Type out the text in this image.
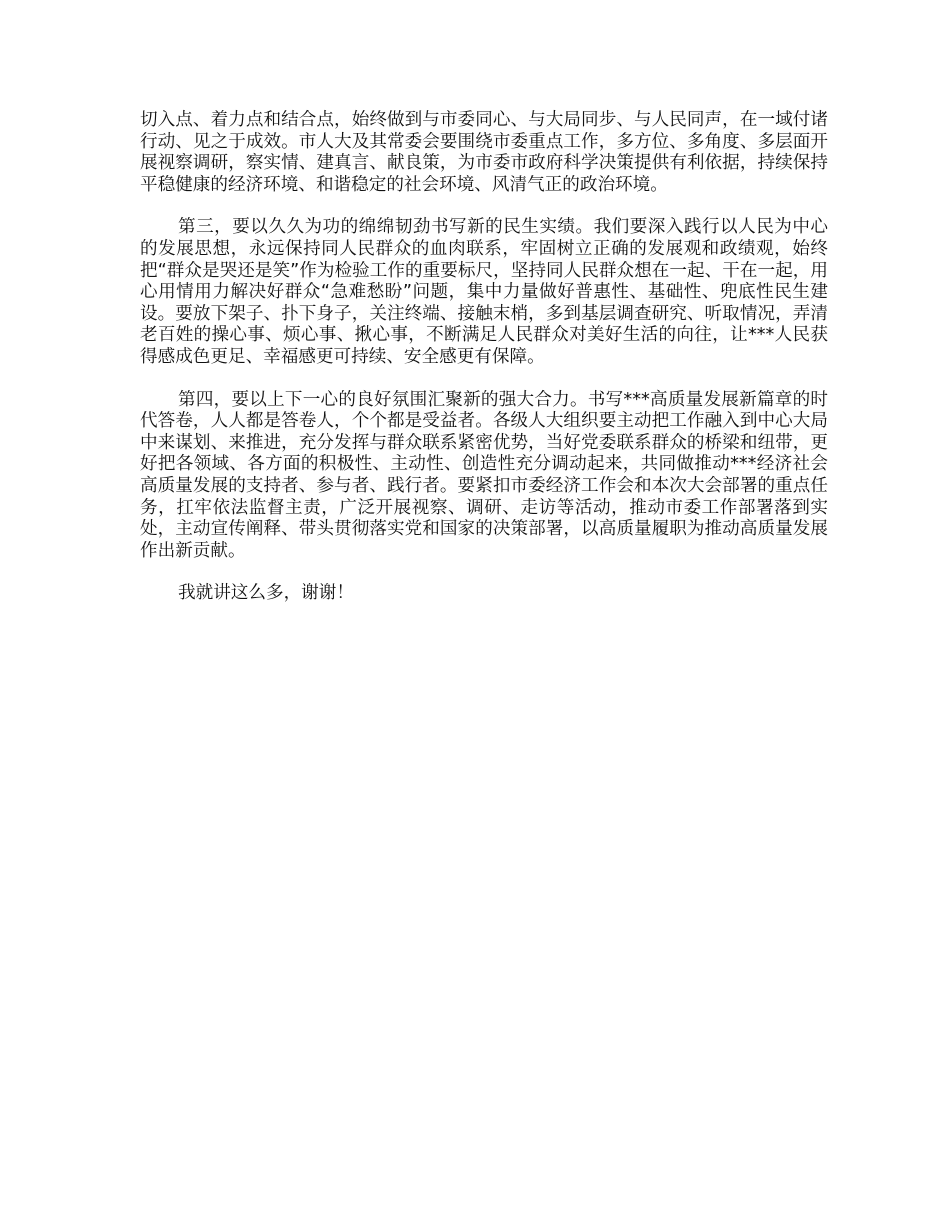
切入点、着力点和结合点，始终做到与市委同心、与大局同步、与人民同声，在一域付诸行动、见之于成效。市人大及其常委会要围绕市委重点工作，多方位、多角度、多层面开展视察调研，察实情、建真言、献良策，为市委市政府科学决策提供有利依据，持续保持平稳健康的经济环境、和谐稳定的社会环境、风清气正的政治环境。

第三，要以久久为功的绵绵韧劲书写新的民生实绩。我们要深入践行以人民为中心的发展思想，永远保持同人民群众的血肉联系，牢固树立正确的发展观和政绩观，始终把“群众是哭还是笑”作为检验工作的重要标尺，坚持同人民群众想在一起、干在一起，用心用情用力解决好群众“急难愁盼”问题，集中力量做好普惠性、基础性、兜底性民生建设。要放下架子、扑下身子，关注终端、接触末梢，多到基层调查研究、听取情况，弄清老百姓的操心事、烦心事、揪心事，不断满足人民群众对美好生活的向往，让***人民获得感成色更足、幸福感更可持续、安全感更有保障。

第四，要以上下一心的良好氛围汇聚新的强大合力。书写***高质量发展新篇章的时代答卷，人人都是答卷人，个个都是受益者。各级人大组织要主动把工作融入到中心大局中来谋划、来推进，充分发挥与群众联系紧密优势，当好党委联系群众的桥梁和纽带，更好把各领域、各方面的积极性、主动性、创造性充分调动起来，共同做推动***经济社会高质量发展的支持者、参与者、践行者。要紧扣市委经济工作会和本次大会部署的重点任务，扛牢依法监督主责，广泛开展视察、调研、走访等活动，推动市委工作部署落到实处，主动宣传阐释、带头贯彻落实党和国家的决策部署，以高质量履职为推动高质量发展作出新贡献。

我就讲这么多，谢谢！
